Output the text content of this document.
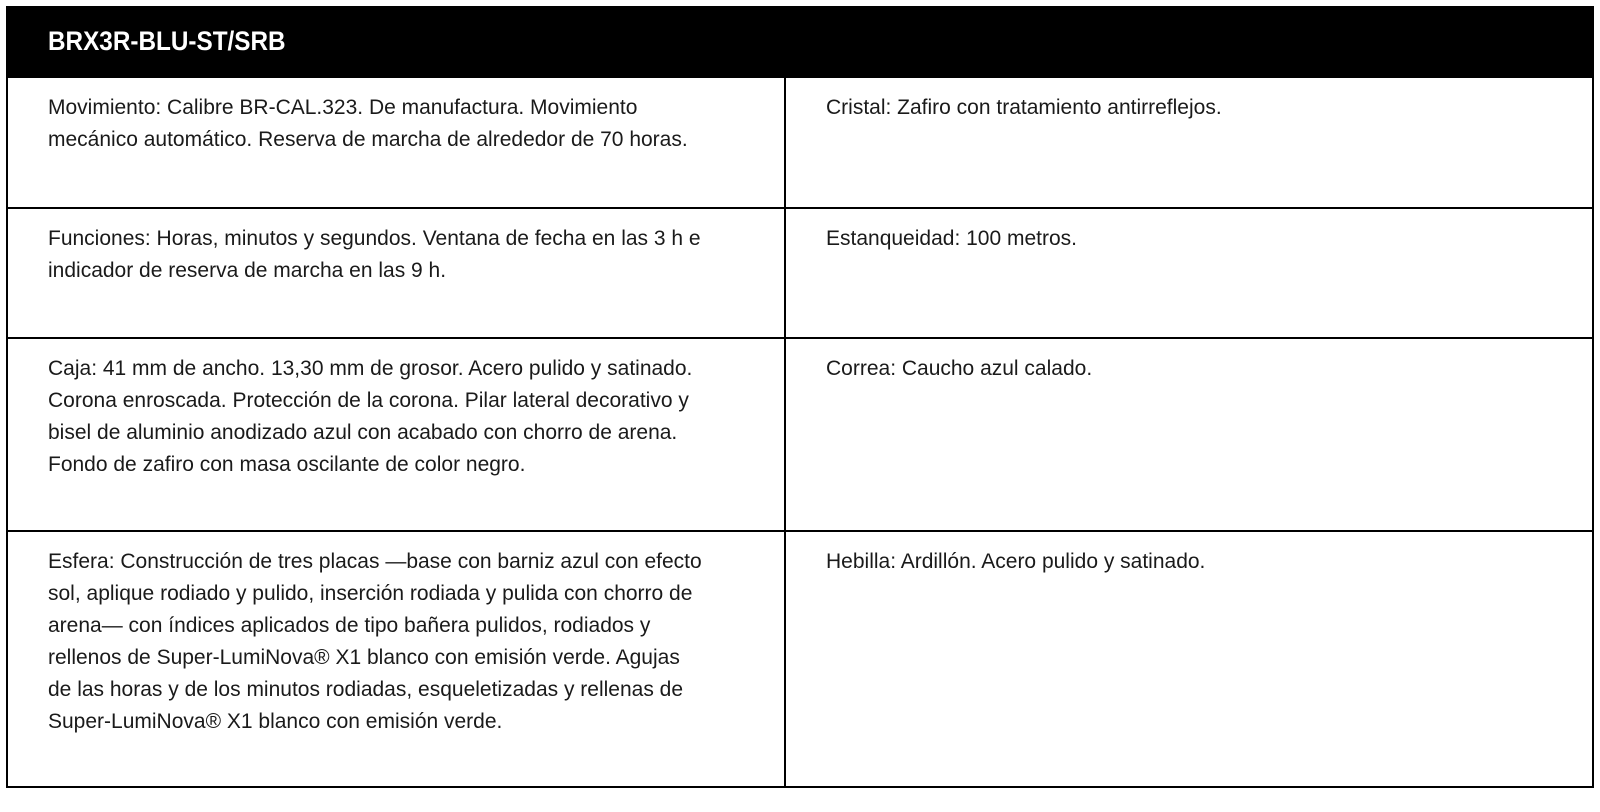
BRX3R-BLU-ST/SRB
Movimiento: Calibre BR-CAL.323. De manufactura. Movimiento mecánico automático. Reserva de marcha de alrededor de 70 horas.	Cristal: Zafiro con tratamiento antirreflejos.

Funciones: Horas, minutos y segundos. Ventana de fecha en las 3 h e indicador de reserva de marcha en las 9 h.	Estanqueidad: 100 metros.

Caja: 41 mm de ancho. 13,30 mm de grosor. Acero pulido y satinado. Corona enroscada. Protección de la corona. Pilar lateral decorativo y bisel de aluminio anodizado azul con acabado con chorro de arena. Fondo de zafiro con masa oscilante de color negro.	Correa: Caucho azul calado.

Esfera: Construcción de tres placas —base con barniz azul con efecto sol, aplique rodiado y pulido, inserción rodiada y pulida con chorro de arena— con índices aplicados de tipo bañera pulidos, rodiados y rellenos de Super-LumiNova® X1 blanco con emisión verde. Agujas de las horas y de los minutos rodiadas, esqueletizadas y rellenas de Super-LumiNova® X1 blanco con emisión verde.	Hebilla: Ardillón. Acero pulido y satinado.
